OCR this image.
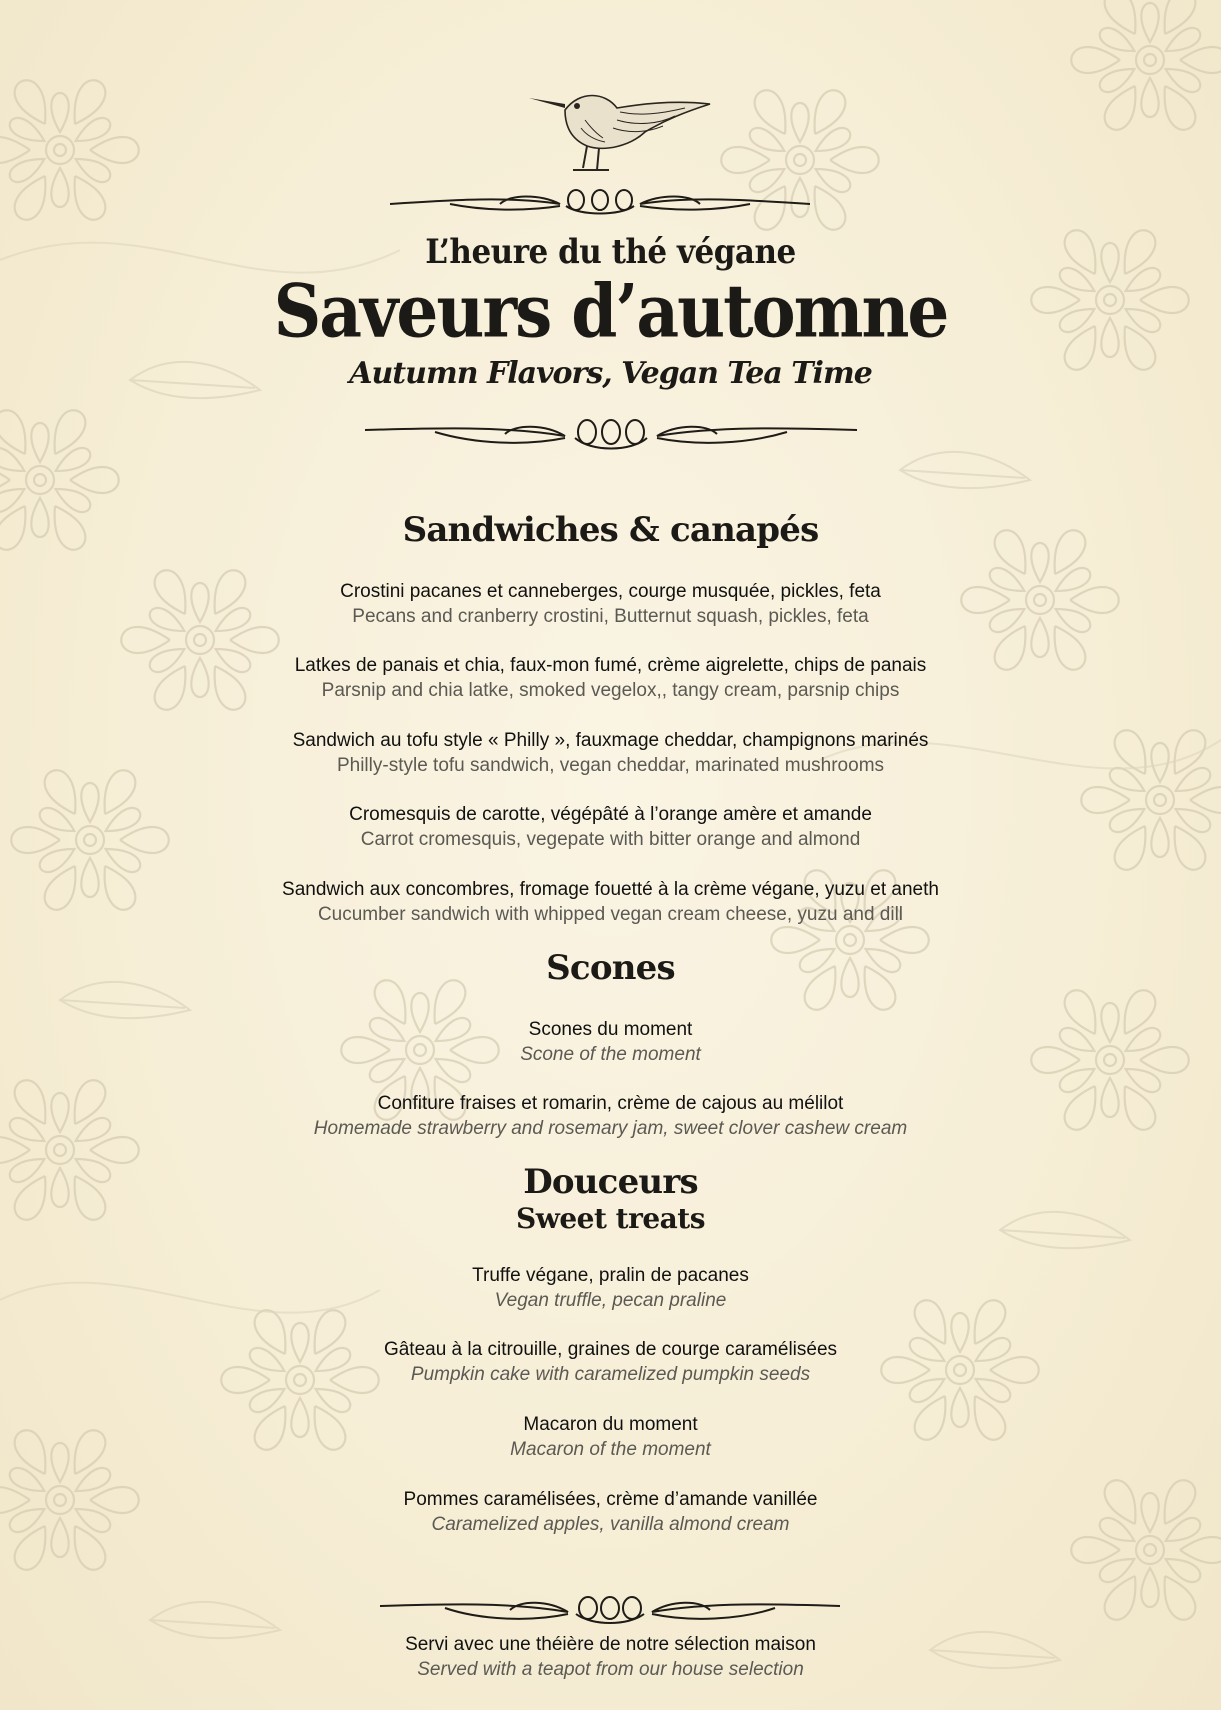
L’heure du thé végane
Saveurs d’automne
Autumn Flavors, Vegan Tea Time
Sandwiches & canapés
Crostini pacanes et canneberges, courge musquée, pickles, feta
Pecans and cranberry crostini, Butternut squash, pickles, feta
Latkes de panais et chia, faux-mon fumé, crème aigrelette, chips de panais
Parsnip and chia latke, smoked vegelox,, tangy cream, parsnip chips
Sandwich au tofu style « Philly », fauxmage cheddar, champignons marinés
Philly-style tofu sandwich, vegan cheddar, marinated mushrooms
Cromesquis de carotte, végépâté à l’orange amère et amande
Carrot cromesquis, vegepate with bitter orange and almond
Sandwich aux concombres, fromage fouetté à la crème végane, yuzu et aneth
Cucumber sandwich with whipped vegan cream cheese, yuzu and dill
Scones
Scones du moment
Scone of the moment
Confiture fraises et romarin, crème de cajous au mélilot
Homemade strawberry and rosemary jam, sweet clover cashew cream
Douceurs
Sweet treats
Truffe végane, pralin de pacanes
Vegan truffle, pecan praline
Gâteau à la citrouille, graines de courge caramélisées
Pumpkin cake with caramelized pumpkin seeds
Macaron du moment
Macaron of the moment
Pommes caramélisées, crème d’amande vanillée
Caramelized apples, vanilla almond cream
Servi avec une théière de notre sélection maison
Served with a teapot from our house selection
